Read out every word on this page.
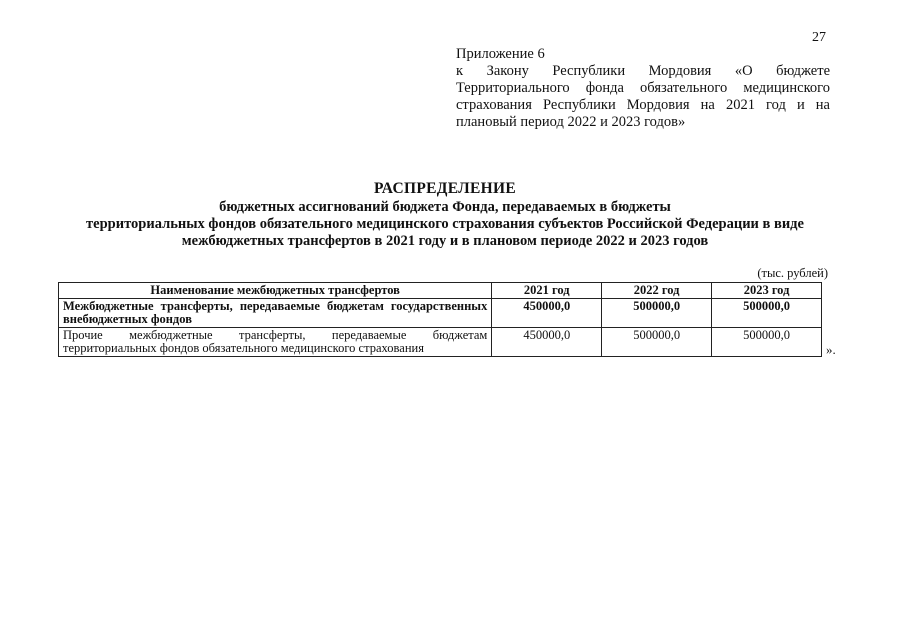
27
Приложение 6
к Закону Республики Мордовия «О бюджете
Территориального фонда обязательного медицинского
страхования Республики Мордовия на 2021 год и на
плановый период 2022 и 2023 годов»
РАСПРЕДЕЛЕНИЕ
бюджетных ассигнований бюджета Фонда, передаваемых в бюджеты
территориальных фондов обязательного медицинского страхования субъектов Российской Федерации в виде
межбюджетных трансфертов в 2021 году и в плановом периоде 2022 и 2023 годов
(тыс. рублей)
Наименование межбюджетных трансфертов	2021 год	2022 год	2023 год
Межбюджетные трансферты, передаваемые бюджетам государственных внебюджетных фондов	450000,0	500000,0	500000,0
Прочие межбюджетные трансферты, передаваемые бюджетам территориальных фондов обязательного медицинского страхования	450000,0	500000,0	500000,0
».
